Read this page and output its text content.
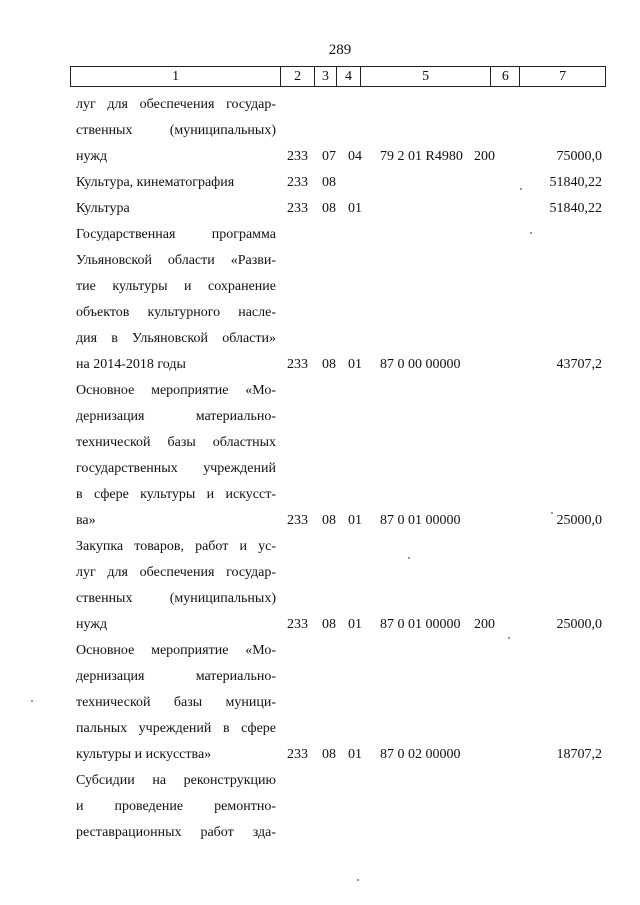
289
1	2	3	4	5	6	7
луг для обеспечения государ-
ственных (муниципальных)
нужд	233 07 04 79 2 01 R4980 200	75000,0
Культура, кинематография	233 08	51840,22
Культура	233 08 01	51840,22
Государственная программа
Ульяновской области «Разви-
тие культуры и сохранение
объектов культурного насле-
дия в Ульяновской области»
на 2014-2018 годы	233 08 01 87 0 00 00000	43707,2
Основное мероприятие «Мо-
дернизация материально-
технической базы областных
государственных учреждений
в сфере культуры и искусст-
ва»	233 08 01 87 0 01 00000	25000,0
Закупка товаров, работ и ус-
луг для обеспечения государ-
ственных (муниципальных)
нужд	233 08 01 87 0 01 00000 200	25000,0
Основное мероприятие «Мо-
дернизация материально-
технической базы муници-
пальных учреждений в сфере
культуры и искусства»	233 08 01 87 0 02 00000	18707,2
Субсидии на реконструкцию
и проведение ремонтно-
реставрационных работ зда-
